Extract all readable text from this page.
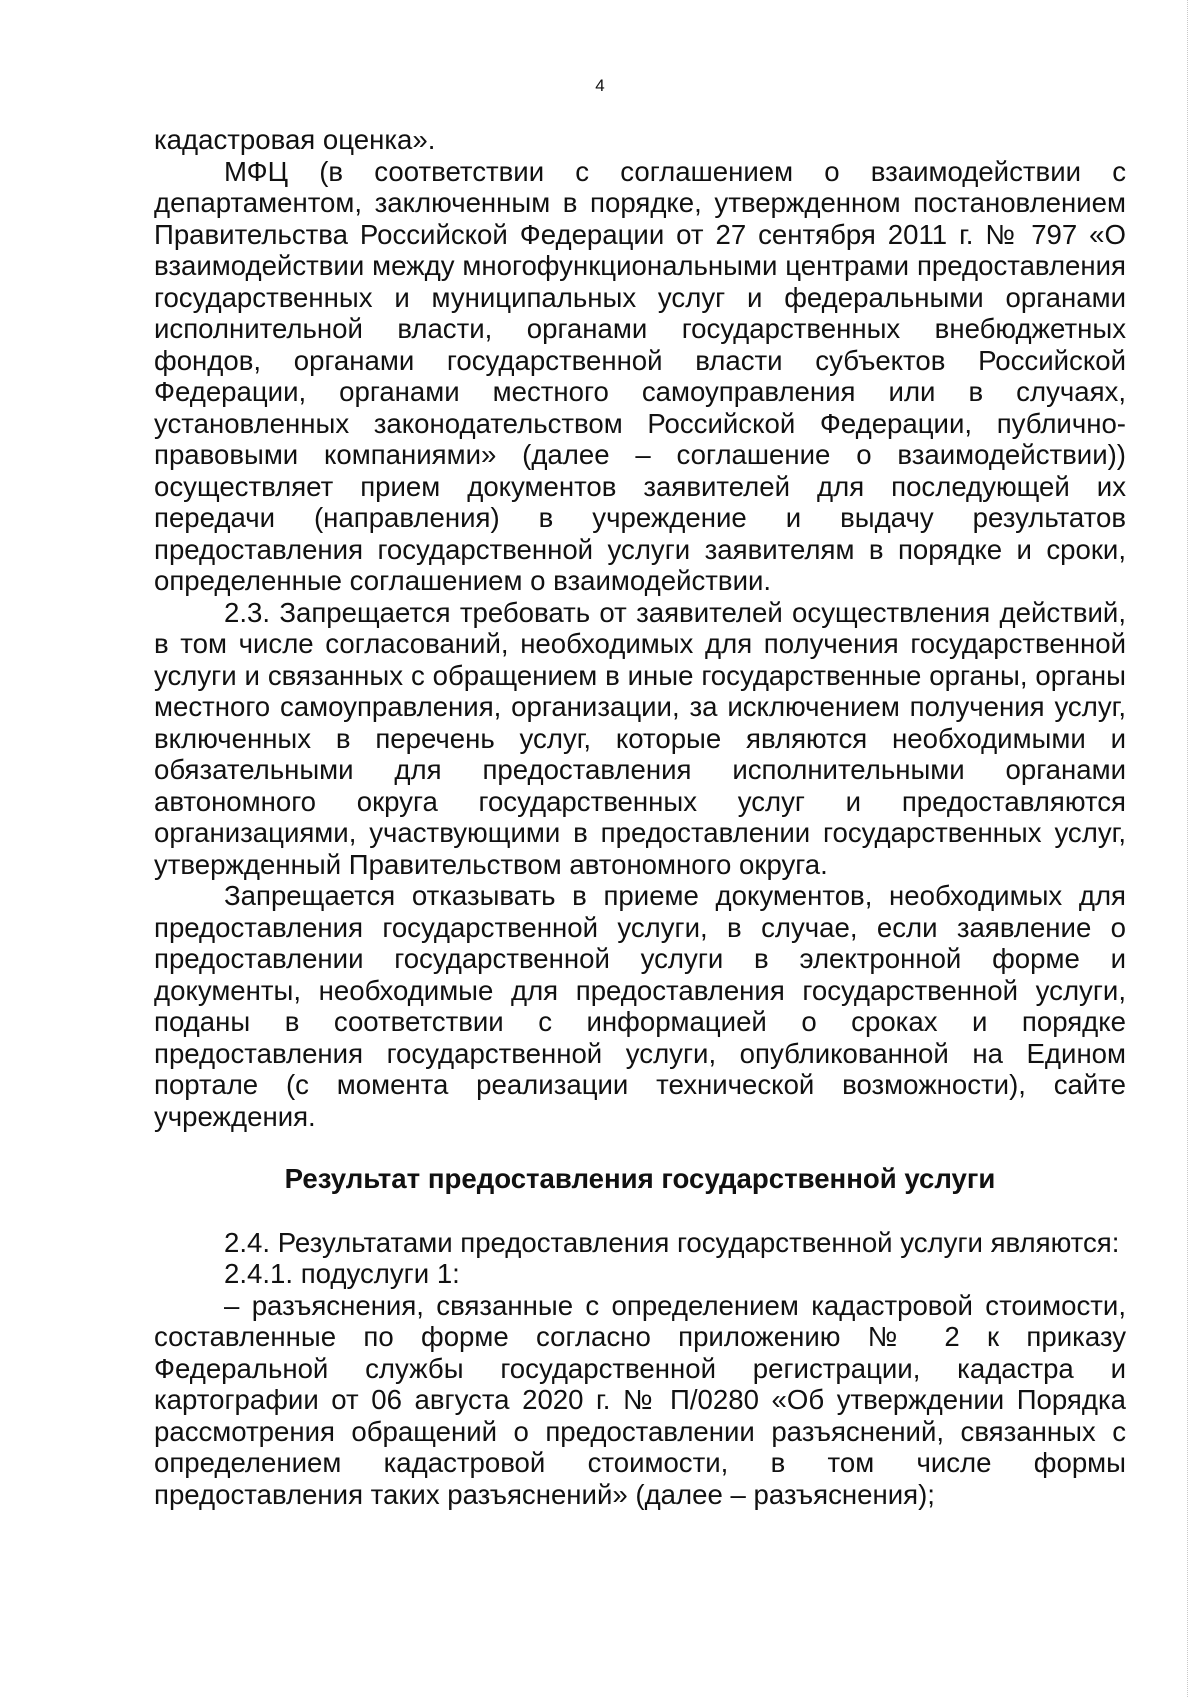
4

кадастровая оценка».

МФЦ (в соответствии с соглашением о взаимодействии с департаментом, заключенным в порядке, утвержденном постановлением Правительства Российской Федерации от 27 сентября 2011 г. № 797 «О взаимодействии между многофункциональными центрами предоставления государственных и муниципальных услуг и федеральными органами исполнительной власти, органами государственных внебюджетных фондов, органами государственной власти субъектов Российской Федерации, органами местного самоуправления или в случаях, установленных законодательством Российской Федерации, публично-правовыми компаниями» (далее – соглашение о взаимодействии)) осуществляет прием документов заявителей для последующей их передачи (направления) в учреждение и выдачу результатов предоставления государственной услуги заявителям в порядке и сроки, определенные соглашением о взаимодействии.

2.3. Запрещается требовать от заявителей осуществления действий, в том числе согласований, необходимых для получения государственной услуги и связанных с обращением в иные государственные органы, органы местного самоуправления, организации, за исключением получения услуг, включенных в перечень услуг, которые являются необходимыми и обязательными для предоставления исполнительными органами автономного округа государственных услуг и предоставляются организациями, участвующими в предоставлении государственных услуг, утвержденный Правительством автономного округа.

Запрещается отказывать в приеме документов, необходимых для предоставления государственной услуги, в случае, если заявление о предоставлении государственной услуги в электронной форме и документы, необходимые для предоставления государственной услуги, поданы в соответствии с информацией о сроках и порядке предоставления государственной услуги, опубликованной на Едином портале (с момента реализации технической возможности), сайте учреждения.

Результат предоставления государственной услуги

2.4. Результатами предоставления государственной услуги являются:

2.4.1. подуслуги 1:

– разъяснения, связанные с определением кадастровой стоимости, составленные по форме согласно приложению № 2 к приказу Федеральной службы государственной регистрации, кадастра и картографии от 06 августа 2020 г. № П/0280 «Об утверждении Порядка рассмотрения обращений о предоставлении разъяснений, связанных с определением кадастровой стоимости, в том числе формы предоставления таких разъяснений» (далее – разъяснения);
